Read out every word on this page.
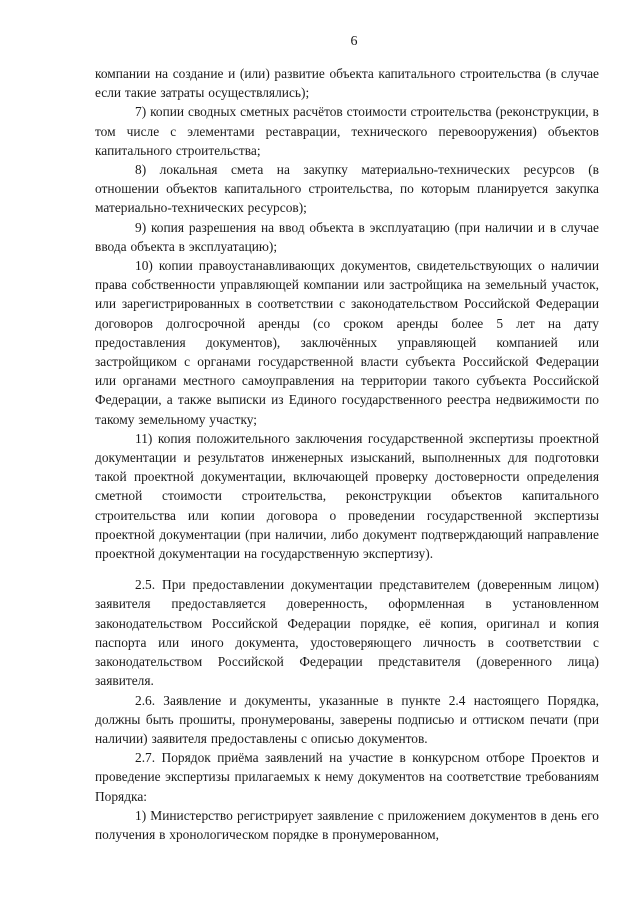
6

компании на создание и (или) развитие объекта капитального строительства (в случае если такие затраты осуществлялись);

7) копии сводных сметных расчётов стоимости строительства (реконструкции, в том числе с элементами реставрации, технического перевооружения) объектов капитального строительства;

8) локальная смета на закупку материально-технических ресурсов (в отношении объектов капитального строительства, по которым планируется закупка материально-технических ресурсов);

9) копия разрешения на ввод объекта в эксплуатацию (при наличии и в случае ввода объекта в эксплуатацию);

10) копии правоустанавливающих документов, свидетельствующих о наличии права собственности управляющей компании или застройщика на земельный участок, или зарегистрированных в соответствии с законодательством Российской Федерации договоров долгосрочной аренды (со сроком аренды более 5 лет на дату предоставления документов), заключённых управляющей компанией или застройщиком с органами государственной власти субъекта Российской Федерации или органами местного самоуправления на территории такого субъекта Российской Федерации, а также выписки из Единого государственного реестра недвижимости по такому земельному участку;

11) копия положительного заключения государственной экспертизы проектной документации и результатов инженерных изысканий, выполненных для подготовки такой проектной документации, включающей проверку достоверности определения сметной стоимости строительства, реконструкции объектов капитального строительства или копии договора о проведении государственной экспертизы проектной документации (при наличии, либо документ подтверждающий направление проектной документации на государственную экспертизу).

2.5. При предоставлении документации представителем (доверенным лицом) заявителя предоставляется доверенность, оформленная в установленном законодательством Российской Федерации порядке, её копия, оригинал и копия паспорта или иного документа, удостоверяющего личность в соответствии с законодательством Российской Федерации представителя (доверенного лица) заявителя.

2.6. Заявление и документы, указанные в пункте 2.4 настоящего Порядка, должны быть прошиты, пронумерованы, заверены подписью и оттиском печати (при наличии) заявителя предоставлены с описью документов.

2.7. Порядок приёма заявлений на участие в конкурсном отборе Проектов и проведение экспертизы прилагаемых к нему документов на соответствие требованиям Порядка:

1) Министерство регистрирует заявление с приложением документов в день его получения в хронологическом порядке в пронумерованном,
